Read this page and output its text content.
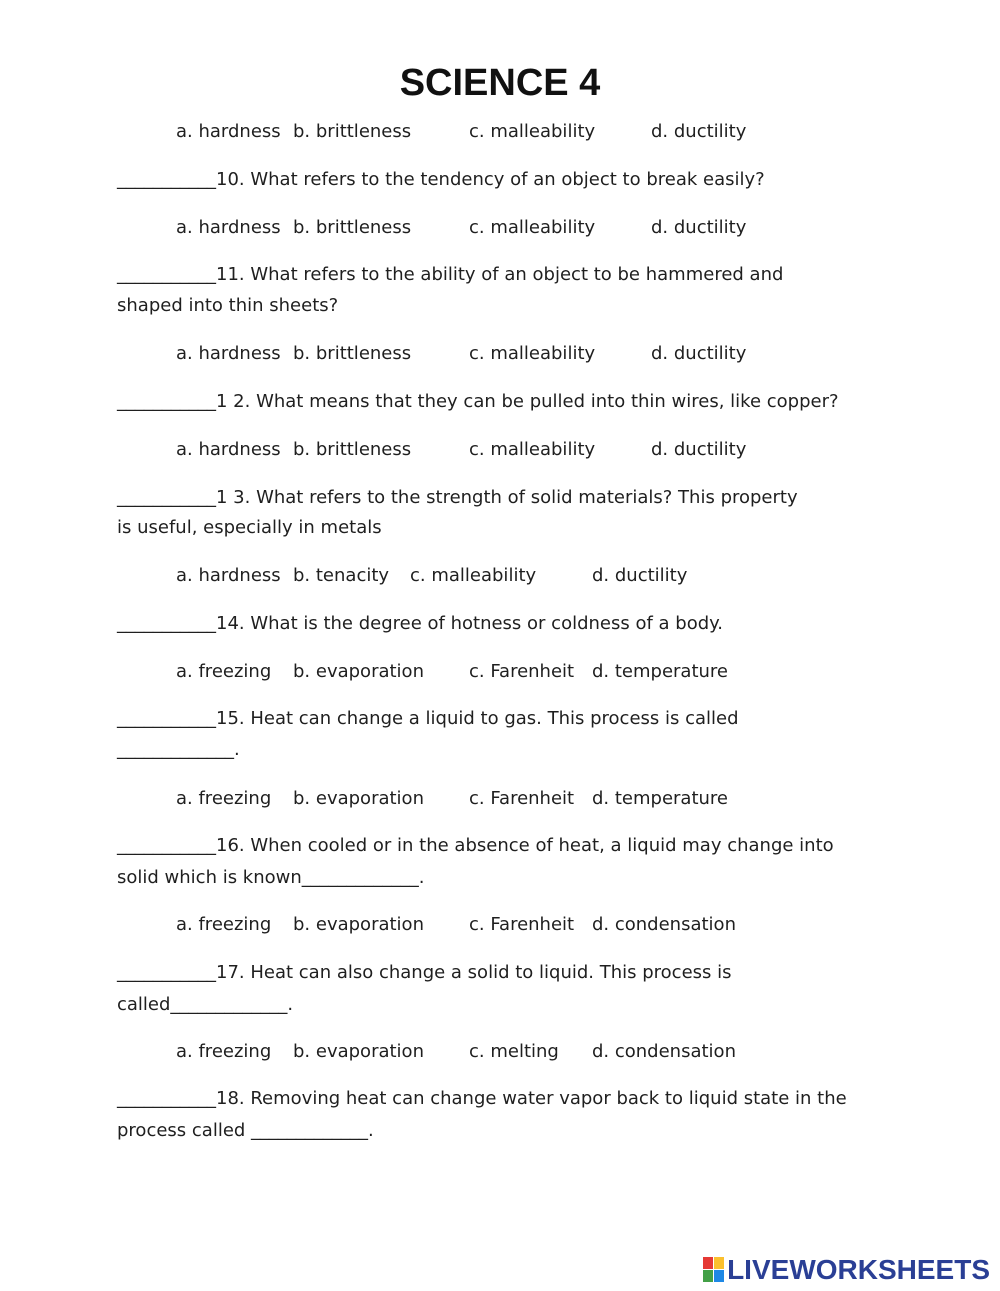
SCIENCE 4
a. hardness b. brittleness	c. malleability	d. ductility
___________10. What refers to the tendency of an object to break easily?
a. hardness b. brittleness	c. malleability	d. ductility
___________11. What refers to the ability of an object to be hammered and
shaped into thin sheets?
a. hardness b. brittleness	c. malleability	d. ductility
___________1 2. What means that they can be pulled into thin wires, like copper?
a. hardness b. brittleness	c. malleability	d. ductility
___________1 3. What refers to the strength of solid materials? This property
is useful, especially in metals
a. hardness b. tenacity c. malleability	d. ductility
___________14. What is the degree of hotness or coldness of a body.
a. freezing b. evaporation	c. Farenheit d. temperature
___________15. Heat can change a liquid to gas. This process is called
_____________.
a. freezing b. evaporation	c. Farenheit d. temperature
___________16. When cooled or in the absence of heat, a liquid may change into
solid which is known_____________.
a. freezing b. evaporation	c. Farenheit d. condensation
___________17. Heat can also change a solid to liquid. This process is
called_____________.
a. freezing b. evaporation	c. melting d. condensation
___________18. Removing heat can change water vapor back to liquid state in the
process called _____________.
LIVEWORKSHEETS
